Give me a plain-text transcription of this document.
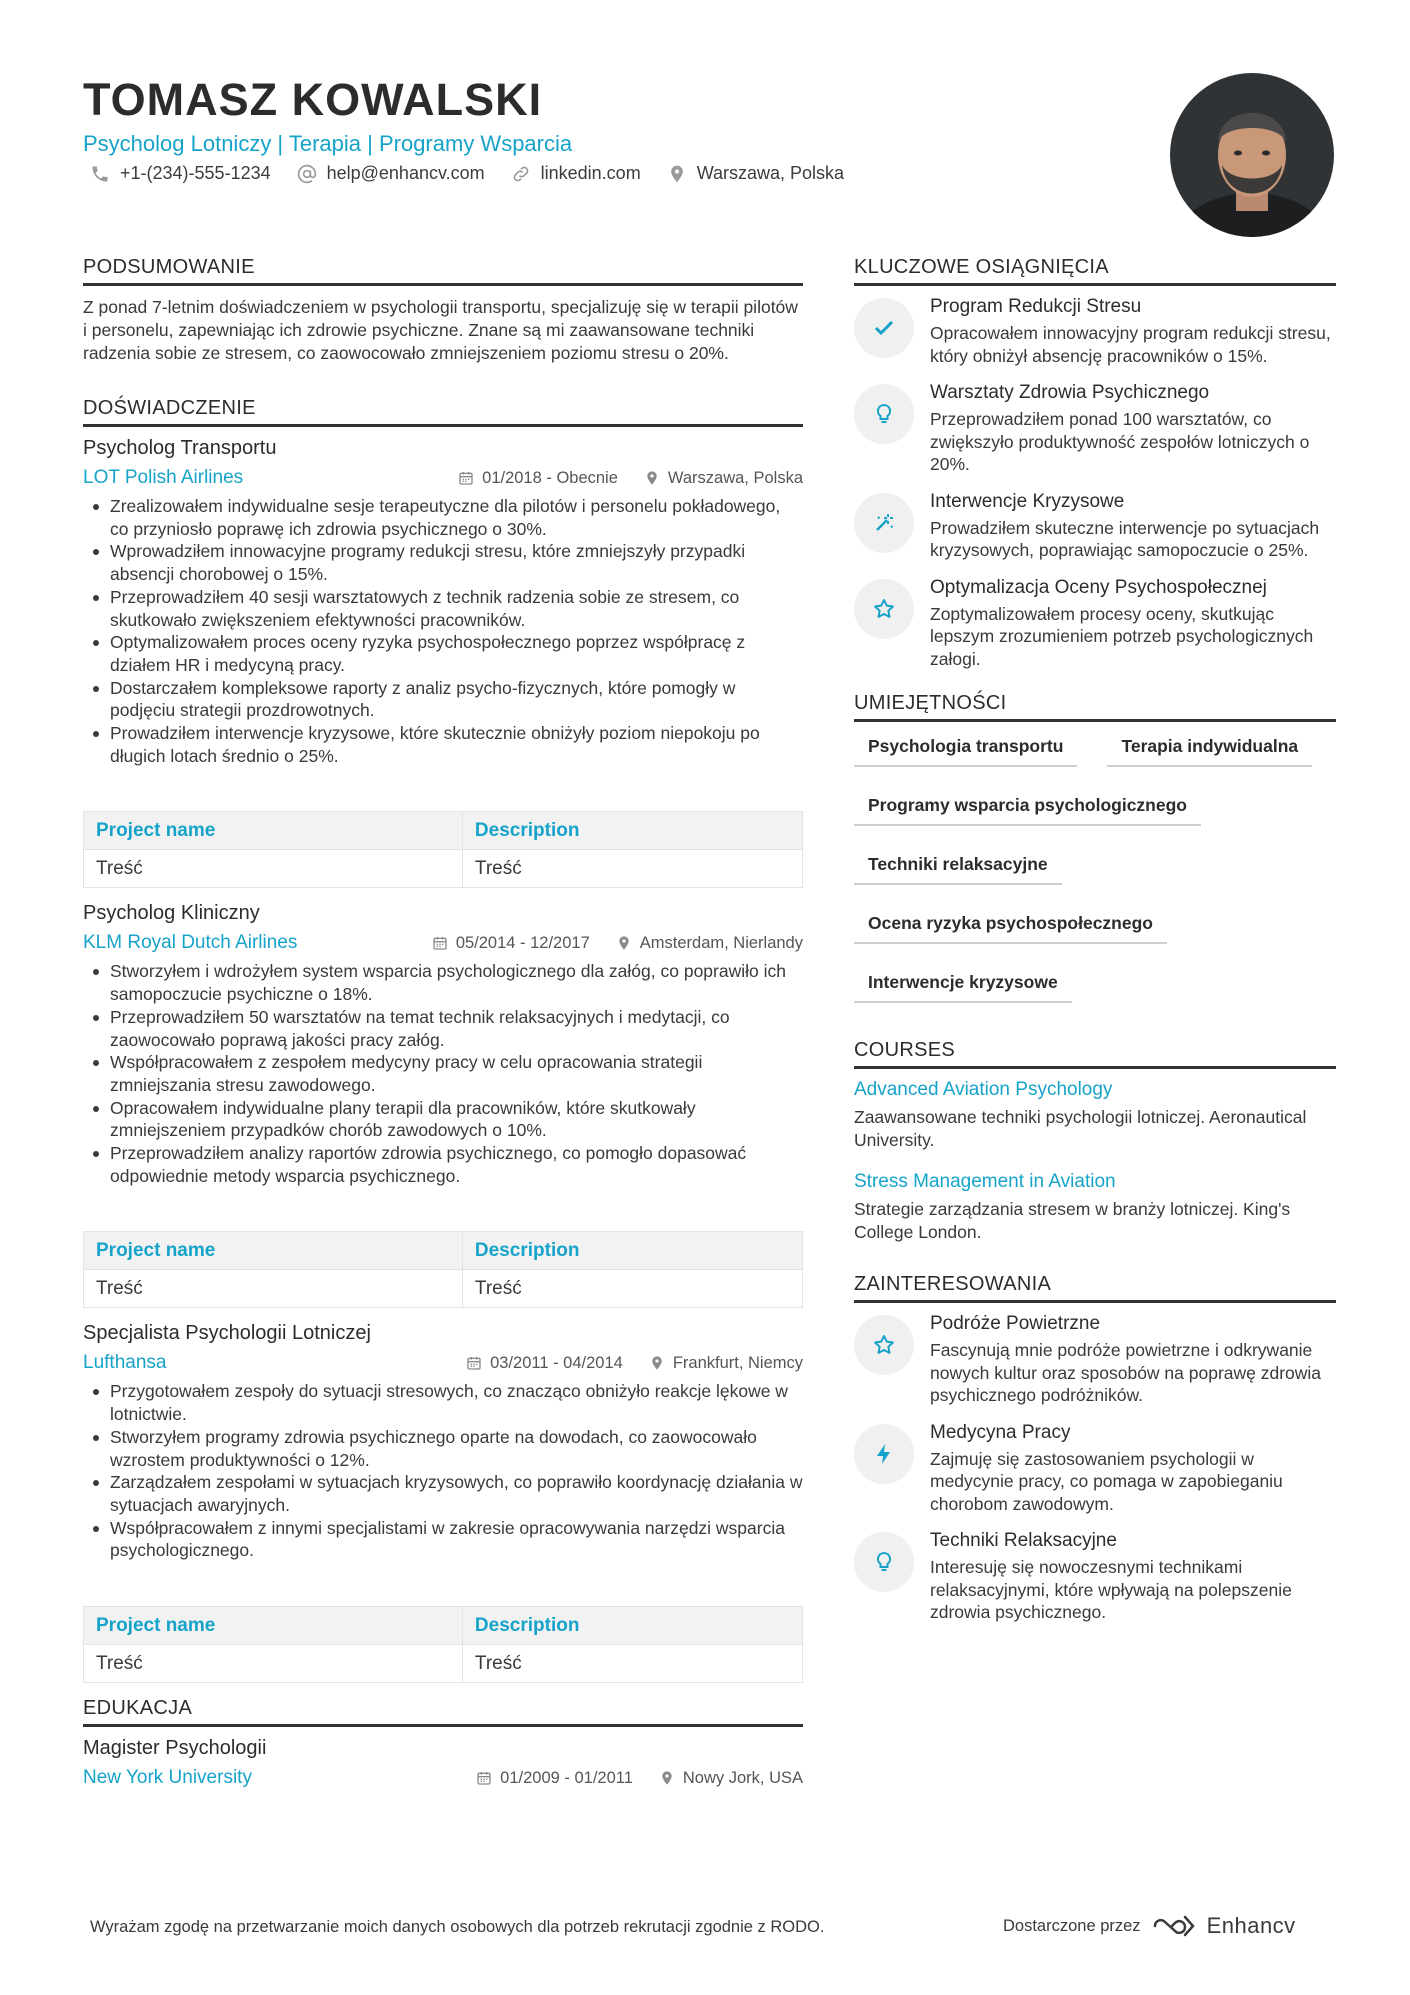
TOMASZ KOWALSKI
Psycholog Lotniczy | Terapia | Programy Wsparcia
+1-(234)-555-1234	help@enhancv.com	linkedin.com	Warszawa, Polska
PODSUMOWANIE
Z ponad 7-letnim doświadczeniem w psychologii transportu, specjalizuję się w terapii pilotów i personelu, zapewniając ich zdrowie psychiczne. Znane są mi zaawansowane techniki radzenia sobie ze stresem, co zaowocowało zmniejszeniem poziomu stresu o 20%.
DOŚWIADCZENIE
Psycholog Transportu
LOT Polish Airlines	01/2018 - Obecnie	Warszawa, Polska
Zrealizowałem indywidualne sesje terapeutyczne dla pilotów i personelu pokładowego, co przyniosło poprawę ich zdrowia psychicznego o 30%.
Wprowadziłem innowacyjne programy redukcji stresu, które zmniejszyły przypadki absencji chorobowej o 15%.
Przeprowadziłem 40 sesji warsztatowych z technik radzenia sobie ze stresem, co skutkowało zwiększeniem efektywności pracowników.
Optymalizowałem proces oceny ryzyka psychospołecznego poprzez współpracę z działem HR i medycyną pracy.
Dostarczałem kompleksowe raporty z analiz psycho-fizycznych, które pomogły w podjęciu strategii prozdrowotnych.
Prowadziłem interwencje kryzysowe, które skutecznie obniżyły poziom niepokoju po długich lotach średnio o 25%.
Project name	Description
Treść	Treść
Psycholog Kliniczny
KLM Royal Dutch Airlines	05/2014 - 12/2017	Amsterdam, Nierlandy
Stworzyłem i wdrożyłem system wsparcia psychologicznego dla załóg, co poprawiło ich samopoczucie psychiczne o 18%.
Przeprowadziłem 50 warsztatów na temat technik relaksacyjnych i medytacji, co zaowocowało poprawą jakości pracy załóg.
Współpracowałem z zespołem medycyny pracy w celu opracowania strategii zmniejszania stresu zawodowego.
Opracowałem indywidualne plany terapii dla pracowników, które skutkowały zmniejszeniem przypadków chorób zawodowych o 10%.
Przeprowadziłem analizy raportów zdrowia psychicznego, co pomogło dopasować odpowiednie metody wsparcia psychicznego.
Project name	Description
Treść	Treść
Specjalista Psychologii Lotniczej
Lufthansa	03/2011 - 04/2014	Frankfurt, Niemcy
Przygotowałem zespoły do sytuacji stresowych, co znacząco obniżyło reakcje lękowe w lotnictwie.
Stworzyłem programy zdrowia psychicznego oparte na dowodach, co zaowocowało wzrostem produktywności o 12%.
Zarządzałem zespołami w sytuacjach kryzysowych, co poprawiło koordynację działania w sytuacjach awaryjnych.
Współpracowałem z innymi specjalistami w zakresie opracowywania narzędzi wsparcia psychologicznego.
Project name	Description
Treść	Treść
EDUKACJA
Magister Psychologii
New York University	01/2009 - 01/2011	Nowy Jork, USA
KLUCZOWE OSIĄGNIĘCIA
Program Redukcji Stresu
Opracowałem innowacyjny program redukcji stresu, który obniżył absencję pracowników o 15%.
Warsztaty Zdrowia Psychicznego
Przeprowadziłem ponad 100 warsztatów, co zwiększyło produktywność zespołów lotniczych o 20%.
Interwencje Kryzysowe
Prowadziłem skuteczne interwencje po sytuacjach kryzysowych, poprawiając samopoczucie o 25%.
Optymalizacja Oceny Psychospołecznej
Zoptymalizowałem procesy oceny, skutkując lepszym zrozumieniem potrzeb psychologicznych załogi.
UMIEJĘTNOŚCI
Psychologia transportu	Terapia indywidualna
Programy wsparcia psychologicznego
Techniki relaksacyjne
Ocena ryzyka psychospołecznego
Interwencje kryzysowe
COURSES
Advanced Aviation Psychology
Zaawansowane techniki psychologii lotniczej. Aeronautical University.
Stress Management in Aviation
Strategie zarządzania stresem w branży lotniczej. King's College London.
ZAINTERESOWANIA
Podróże Powietrzne
Fascynują mnie podróże powietrzne i odkrywanie nowych kultur oraz sposobów na poprawę zdrowia psychicznego podróżników.
Medycyna Pracy
Zajmuję się zastosowaniem psychologii w medycynie pracy, co pomaga w zapobieganiu chorobom zawodowym.
Techniki Relaksacyjne
Interesuję się nowoczesnymi technikami relaksacyjnymi, które wpływają na polepszenie zdrowia psychicznego.
Wyrażam zgodę na przetwarzanie moich danych osobowych dla potrzeb rekrutacji zgodnie z RODO.	Dostarczone przez	Enhancv
